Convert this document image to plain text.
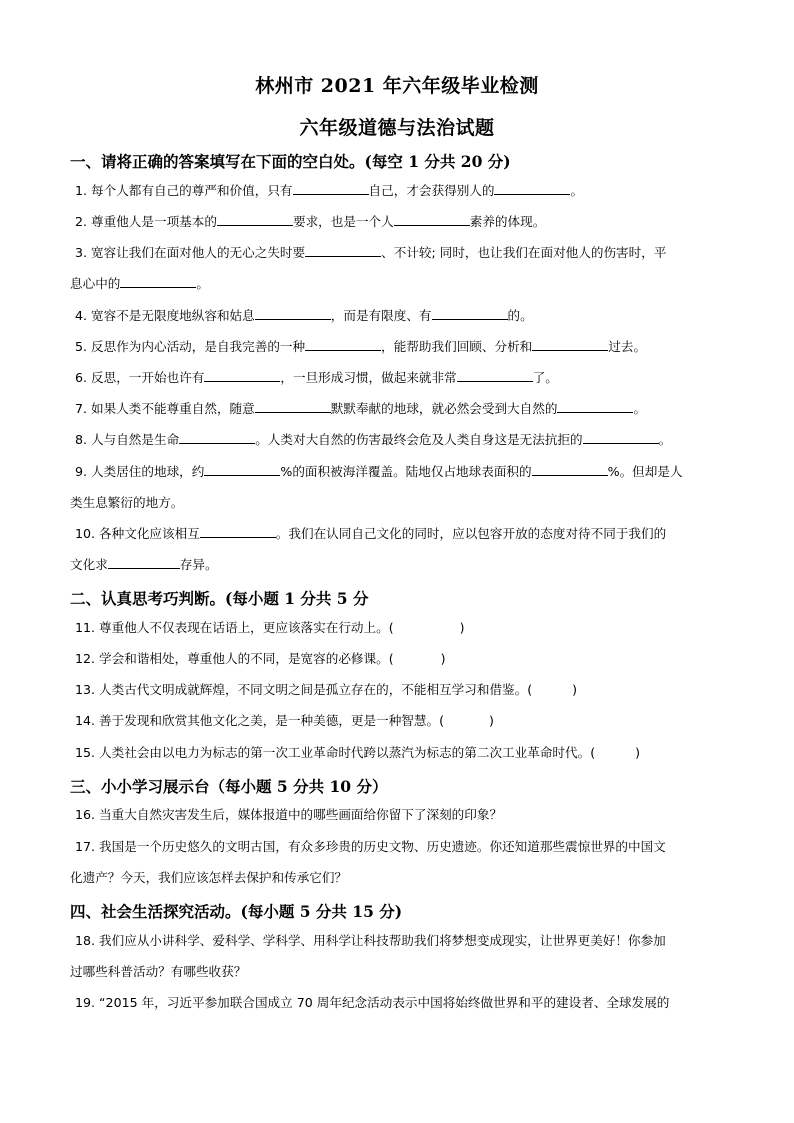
林州市 2021 年六年级毕业检测
六年级道德与法治试题
一、请将正确的答案填写在下面的空白处。(每空 1 分共 20 分)
1. 每个人都有自己的尊严和价值，只有	自己，才会获得别人的	。
2. 尊重他人是一项基本的	要求，也是一个人	素养的体现。
3. 宽容让我们在面对他人的无心之失时要	、不计较; 同时，也让我们在面对他人的伤害时，平
息心中的	。
4. 宽容不是无限度地纵容和姑息	，而是有限度、有	的。
5. 反思作为内心活动，是自我完善的一种	，能帮助我们回顾、分析和	过去。
6. 反思，一开始也许有	，一旦形成习惯，做起来就非常	了。
7. 如果人类不能尊重自然，随意	默默奉献的地球，就必然会受到大自然的	。
8. 人与自然是生命	。人类对大自然的伤害最终会危及人类自身这是无法抗拒的	。
9. 人类居住的地球，约	%的面积被海洋覆盖。陆地仅占地球表面积的	%。但却是人
类生息繁衍的地方。
10. 各种文化应该相互	。我们在认同自己文化的同时，应以包容开放的态度对待不同于我们的
文化求	存异。
二、认真思考巧判断。(每小题 1 分共 5 分
11. 尊重他人不仅表现在话语上，更应该落实在行动上。(	)
12. 学会和谐相处，尊重他人的不同，是宽容的必修课。(	)
13. 人类古代文明成就辉煌，不同文明之间是孤立存在的，不能相互学习和借鉴。(	)
14. 善于发现和欣赏其他文化之美，是一种美德，更是一种智慧。(	)
15. 人类社会由以电力为标志的第一次工业革命时代跨以蒸汽为标志的第二次工业革命时代。(	)
三、小小学习展示台（每小题 5 分共 10 分）
16. 当重大自然灾害发生后，媒体报道中的哪些画面给你留下了深刻的印象？
17. 我国是一个历史悠久的文明古国，有众多珍贵的历史文物、历史遗迹。你还知道那些震惊世界的中国文
化遗产？今天，我们应该怎样去保护和传承它们？
四、社会生活探究活动。(每小题 5 分共 15 分)
18. 我们应从小讲科学、爱科学、学科学、用科学让科技帮助我们将梦想变成现实，让世界更美好！你参加
过哪些科普活动？有哪些收获？
19. “2015 年，习近平参加联合国成立 70 周年纪念活动表示中国将始终做世界和平的建设者、全球发展的
